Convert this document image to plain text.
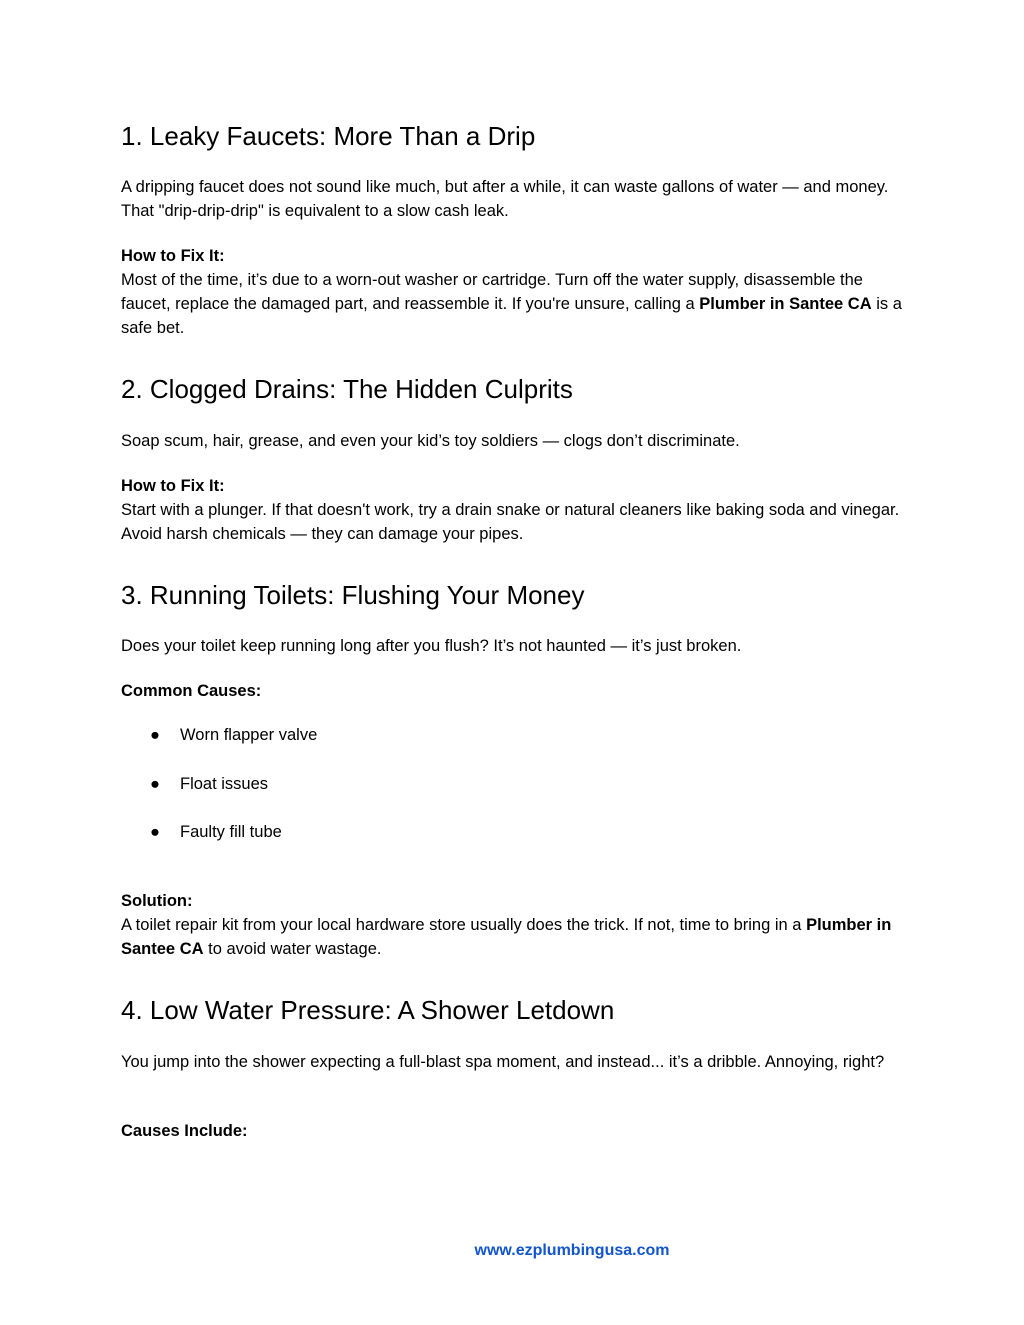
1. Leaky Faucets: More Than a Drip

A dripping faucet does not sound like much, but after a while, it can waste gallons of water — and money. That "drip-drip-drip" is equivalent to a slow cash leak.

How to Fix It:

Most of the time, it’s due to a worn-out washer or cartridge. Turn off the water supply, disassemble the faucet, replace the damaged part, and reassemble it. If you're unsure, calling a Plumber in Santee CA is a safe bet.

2. Clogged Drains: The Hidden Culprits

Soap scum, hair, grease, and even your kid’s toy soldiers — clogs don’t discriminate.

How to Fix It:

Start with a plunger. If that doesn't work, try a drain snake or natural cleaners like baking soda and vinegar. Avoid harsh chemicals — they can damage your pipes.

3. Running Toilets: Flushing Your Money

Does your toilet keep running long after you flush? It’s not haunted — it’s just broken.

Common Causes:

● Worn flapper valve
● Float issues
● Faulty fill tube

Solution:

A toilet repair kit from your local hardware store usually does the trick. If not, time to bring in a Plumber in Santee CA to avoid water wastage.

4. Low Water Pressure: A Shower Letdown

You jump into the shower expecting a full-blast spa moment, and instead... it’s a dribble. Annoying, right?

Causes Include:

www.ezplumbingusa.com
